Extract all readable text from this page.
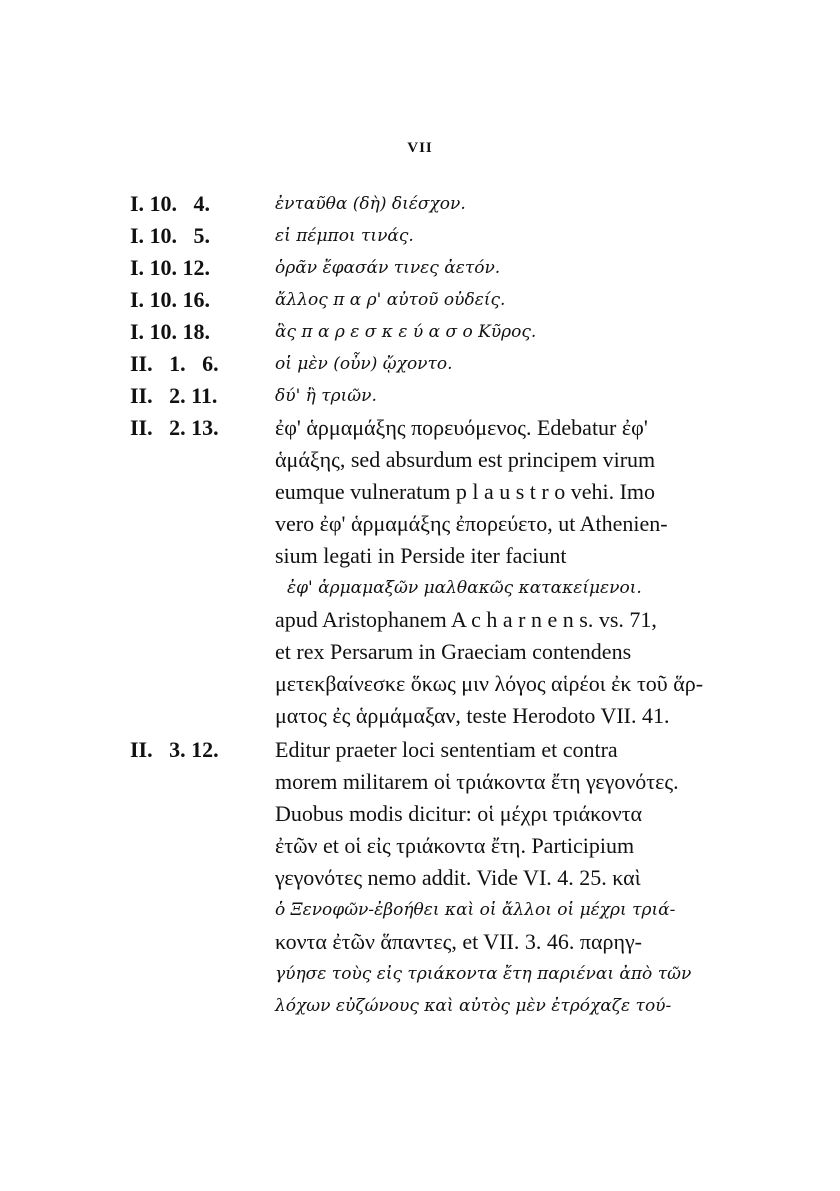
VII
I. 10.   4.	ἐνταῦθα (δὴ) διέσχον.
I. 10.   5.	εἰ πέμποι τινάς.
I. 10. 12.	ὁρᾶν ἔφασάν τινες ἀετόν.
I. 10. 16.	ἄλλος π α ρ' αὐτοῦ οὐδείς.
I. 10. 18.	ἃς π α ρ ε σ κ ε ύ α σ ο Κῦρος.
II.   1.   6.	οἱ μὲν (οὖν) ᾤχοντο.
II.   2. 11.	δύ' ἢ τριῶν.
II.   2. 13.	ἐφ' ἁρμαμάξης πορευόμενος. Edebatur ἐφ'
ἁμάξης, sed absurdum est principem virum
eumque vulneratum p l a u s t r o vehi. Imo
vero ἐφ' ἁρμαμάξης ἐπορεύετο, ut Athenien-
sium legati in Perside iter faciunt
ἐφ' ἁρμαμαξῶν μαλθακῶς κατακείμενοι.
apud Aristophanem A c h a r n e n s. vs. 71,
et rex Persarum in Graeciam contendens
μετεκβαίνεσκε ὅκως μιν λόγος αἱρέοι ἐκ τοῦ ἅρ-
ματος ἐς ἁρμάμαξαν, teste Herodoto VII. 41.
II.   3. 12.	Editur praeter loci sententiam et contra
morem militarem οἱ τριάκοντα ἔτη γεγονότες.
Duobus modis dicitur: οἱ μέχρι τριάκοντα
ἐτῶν et οἱ εἰς τριάκοντα ἔτη. Participium
γεγονότες nemo addit. Vide VI. 4. 25. καὶ
ὁ Ξενοφῶν-ἐβοήθει καὶ οἱ ἄλλοι οἱ μέχρι τριά-
κοντα ἐτῶν ἅπαντες, et VII. 3. 46. παρηγ-
γύησε τοὺς εἰς τριάκοντα ἔτη παριέναι ἀπὸ τῶν
λόχων εὐζώνους καὶ αὐτὸς μὲν ἐτρόχαζε τού-
